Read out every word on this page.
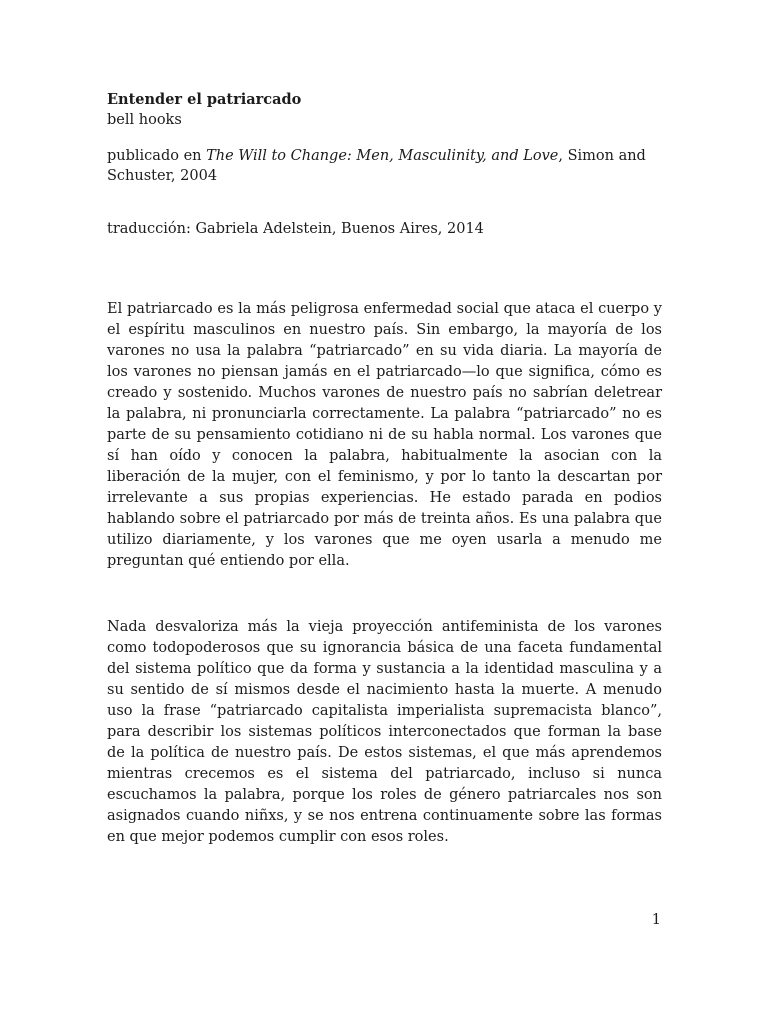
Entender el patriarcado

bell hooks

publicado en The Will to Change: Men, Masculinity, and Love, Simon and Schuster, 2004

traducción: Gabriela Adelstein, Buenos Aires, 2014

El patriarcado es la más peligrosa enfermedad social que ataca el cuerpo y el espíritu masculinos en nuestro país. Sin embargo, la mayoría de los varones no usa la palabra “patriarcado” en su vida diaria. La mayoría de los varones no piensan jamás en el patriarcado—lo que significa, cómo es creado y sostenido. Muchos varones de nuestro país no sabrían deletrear la palabra, ni pronunciarla correctamente. La palabra “patriarcado” no es parte de su pensamiento cotidiano ni de su habla normal. Los varones que sí han oído y conocen la palabra, habitualmente la asocian con la liberación de la mujer, con el feminismo, y por lo tanto la descartan por irrelevante a sus propias experiencias. He estado parada en podios hablando sobre el patriarcado por más de treinta años. Es una palabra que utilizo diariamente, y los varones que me oyen usarla a menudo me preguntan qué entiendo por ella.

Nada desvaloriza más la vieja proyección antifeminista de los varones como todopoderosos que su ignorancia básica de una faceta fundamental del sistema político que da forma y sustancia a la identidad masculina y a su sentido de sí mismos desde el nacimiento hasta la muerte. A menudo uso la frase “patriarcado capitalista imperialista supremacista blanco”, para describir los sistemas políticos interconectados que forman la base de la política de nuestro país. De estos sistemas, el que más aprendemos mientras crecemos es el sistema del patriarcado, incluso si nunca escuchamos la palabra, porque los roles de género patriarcales nos son asignados cuando niñxs, y se nos entrena continuamente sobre las formas en que mejor podemos cumplir con esos roles.

1
